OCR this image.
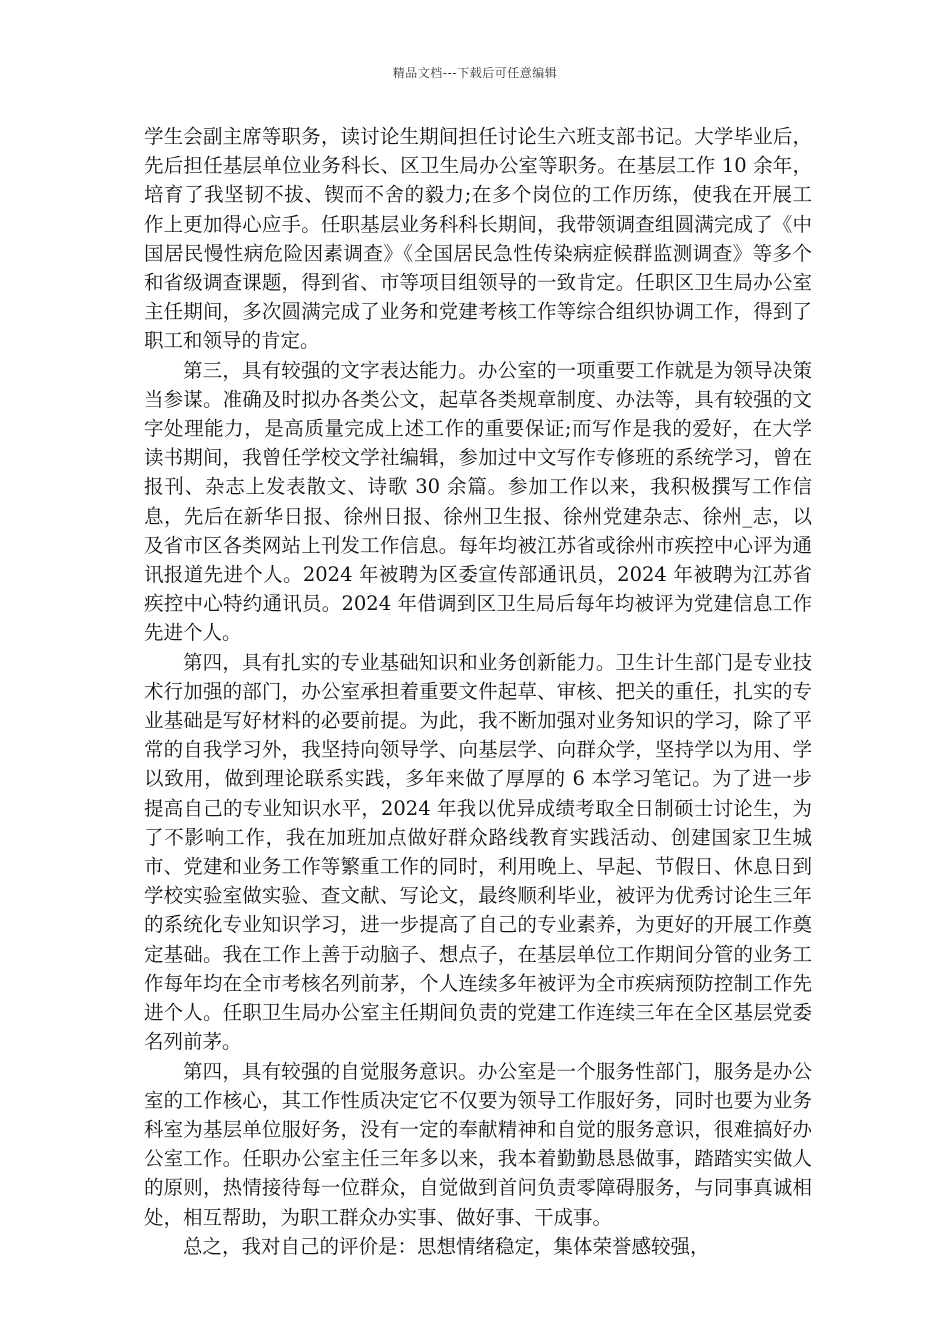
精品文档---下载后可任意编辑

学生会副主席等职务，读讨论生期间担任讨论生六班支部书记。大学毕业后，先后担任基层单位业务科长、区卫生局办公室等职务。在基层工作 10 余年，培育了我坚韧不拔、锲而不舍的毅力;在多个岗位的工作历练，使我在开展工作上更加得心应手。任职基层业务科科长期间，我带领调查组圆满完成了《中国居民慢性病危险因素调查》《全国居民急性传染病症候群监测调查》等多个和省级调查课题，得到省、市等项目组领导的一致肯定。任职区卫生局办公室主任期间，多次圆满完成了业务和党建考核工作等综合组织协调工作，得到了职工和领导的肯定。

第三，具有较强的文字表达能力。办公室的一项重要工作就是为领导决策当参谋。准确及时拟办各类公文，起草各类规章制度、办法等，具有较强的文字处理能力，是高质量完成上述工作的重要保证;而写作是我的爱好，在大学读书期间，我曾任学校文学社编辑，参加过中文写作专修班的系统学习，曾在报刊、杂志上发表散文、诗歌 30 余篇。参加工作以来，我积极撰写工作信息，先后在新华日报、徐州日报、徐州卫生报、徐州党建杂志、徐州_志，以及省市区各类网站上刊发工作信息。每年均被江苏省或徐州市疾控中心评为通讯报道先进个人。2024 年被聘为区委宣传部通讯员，2024 年被聘为江苏省疾控中心特约通讯员。2024 年借调到区卫生局后每年均被评为党建信息工作先进个人。

第四，具有扎实的专业基础知识和业务创新能力。卫生计生部门是专业技术行加强的部门，办公室承担着重要文件起草、审核、把关的重任，扎实的专业基础是写好材料的必要前提。为此，我不断加强对业务知识的学习，除了平常的自我学习外，我坚持向领导学、向基层学、向群众学，坚持学以为用、学以致用，做到理论联系实践，多年来做了厚厚的 6 本学习笔记。为了进一步提高自己的专业知识水平，2024 年我以优异成绩考取全日制硕士讨论生，为了不影响工作，我在加班加点做好群众路线教育实践活动、创建国家卫生城市、党建和业务工作等繁重工作的同时，利用晚上、早起、节假日、休息日到学校实验室做实验、查文献、写论文，最终顺利毕业，被评为优秀讨论生三年的系统化专业知识学习，进一步提高了自己的专业素养，为更好的开展工作奠定基础。我在工作上善于动脑子、想点子，在基层单位工作期间分管的业务工作每年均在全市考核名列前茅，个人连续多年被评为全市疾病预防控制工作先进个人。任职卫生局办公室主任期间负责的党建工作连续三年在全区基层党委名列前茅。

第四，具有较强的自觉服务意识。办公室是一个服务性部门，服务是办公室的工作核心，其工作性质决定它不仅要为领导工作服好务，同时也要为业务科室为基层单位服好务，没有一定的奉献精神和自觉的服务意识，很难搞好办公室工作。任职办公室主任三年多以来，我本着勤勤恳恳做事，踏踏实实做人的原则，热情接待每一位群众，自觉做到首问负责零障碍服务，与同事真诚相处，相互帮助，为职工群众办实事、做好事、干成事。

总之，我对自己的评价是：思想情绪稳定，集体荣誉感较强，
